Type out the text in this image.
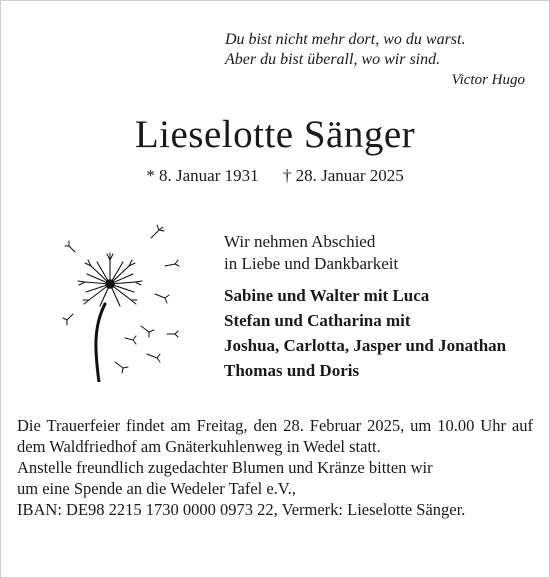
Du bist nicht mehr dort, wo du warst.
Aber du bist überall, wo wir sind.
Victor Hugo
Lieselotte Sänger
* 8. Januar 1931 † 28. Januar 2025
Wir nehmen Abschied
in Liebe und Dankbarkeit
Sabine und Walter mit Luca
Stefan und Catharina mit
Joshua, Carlotta, Jasper und Jonathan
Thomas und Doris

Die Trauerfeier findet am Freitag, den 28. Februar 2025, um 10.00 Uhr auf dem Waldfriedhof am Gnäterkuhlenweg in Wedel statt.

Anstelle freundlich zugedachter Blumen und Kränze bitten wir
um eine Spende an die Wedeler Tafel e.V.,
IBAN: DE98 2215 1730 0000 0973 22, Vermerk: Lieselotte Sänger.
